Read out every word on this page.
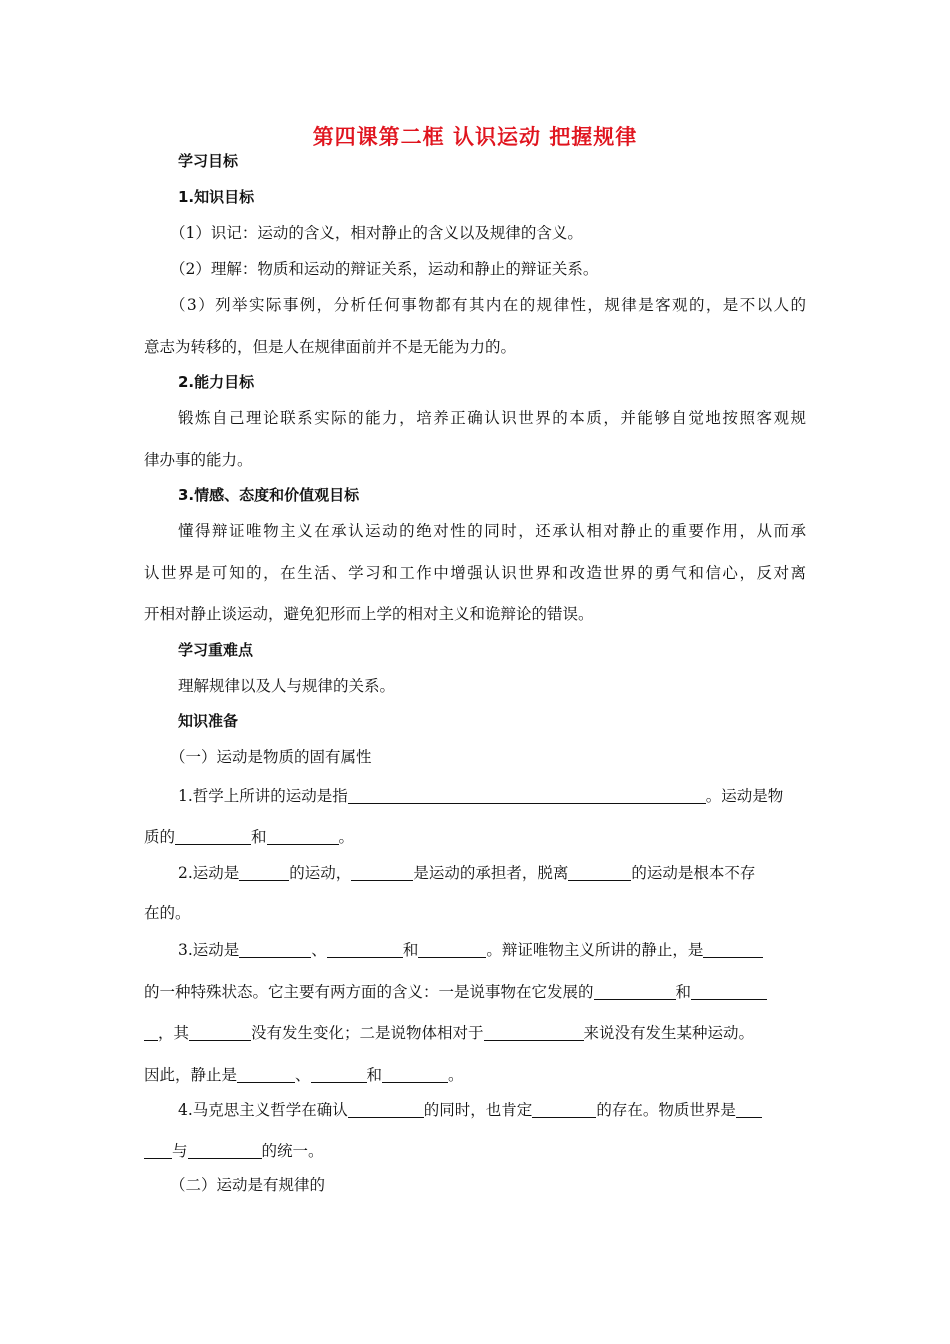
第四课第二框 认识运动 把握规律
学习目标
1.知识目标
（1）识记：运动的含义，相对静止的含义以及规律的含义。
（2）理解：物质和运动的辩证关系，运动和静止的辩证关系。
（3）列举实际事例，分析任何事物都有其内在的规律性，规律是客观的，是不以人的
意志为转移的，但是人在规律面前并不是无能为力的。
2.能力目标
锻炼自己理论联系实际的能力，培养正确认识世界的本质，并能够自觉地按照客观规
律办事的能力。
3.情感、态度和价值观目标
懂得辩证唯物主义在承认运动的绝对性的同时，还承认相对静止的重要作用，从而承
认世界是可知的，在生活、学习和工作中增强认识世界和改造世界的勇气和信心，反对离
开相对静止谈运动，避免犯形而上学的相对主义和诡辩论的错误。
学习重难点
理解规律以及人与规律的关系。
知识准备
（一）运动是物质的固有属性
1.哲学上所讲的运动是指	。运动是物
质的	和	。
2.运动是	的运动，	是运动的承担者，脱离	的运动是根本不存
在的。
3.运动是	、	和	。辩证唯物主义所讲的静止，是
的一种特殊状态。它主要有两方面的含义：一是说事物在它发展的	和
，其	没有发生变化；二是说物体相对于	来说没有发生某种运动。
因此，静止是	、	和	。
4.马克思主义哲学在确认	的同时，也肯定	的存在。物质世界是
与	的统一。
（二）运动是有规律的
